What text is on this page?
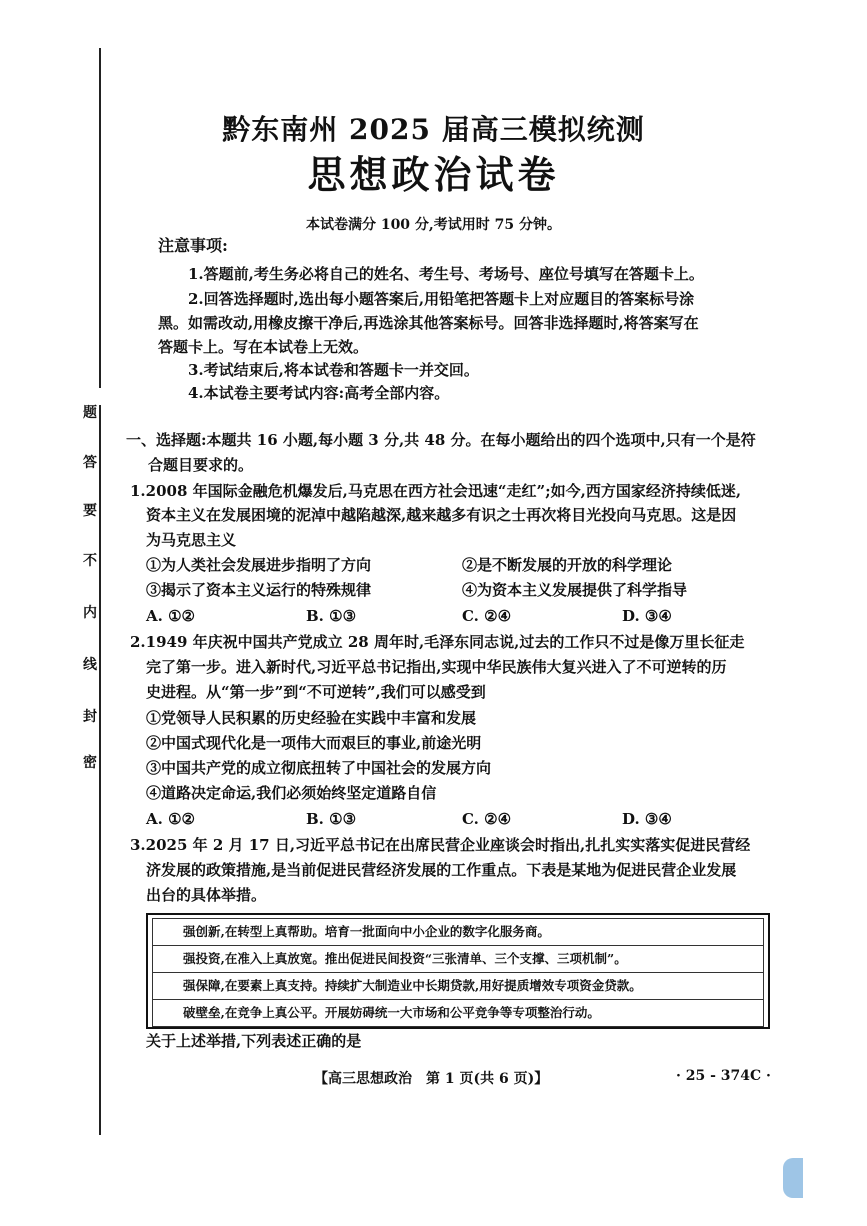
题
答
要
不
内
线
封
密
黔东南州 2025 届高三模拟统测
思想政治试卷
本试卷满分 100 分,考试用时 75 分钟。
注意事项:
1.答题前,考生务必将自己的姓名、考生号、考场号、座位号填写在答题卡上。
2.回答选择题时,选出每小题答案后,用铅笔把答题卡上对应题目的答案标号涂
黑。如需改动,用橡皮擦干净后,再选涂其他答案标号。回答非选择题时,将答案写在
答题卡上。写在本试卷上无效。
3.考试结束后,将本试卷和答题卡一并交回。
4.本试卷主要考试内容:高考全部内容。
一、选择题:本题共 16 小题,每小题 3 分,共 48 分。在每小题给出的四个选项中,只有一个是符
合题目要求的。
1.2008 年国际金融危机爆发后,马克思在西方社会迅速“走红”;如今,西方国家经济持续低迷,
资本主义在发展困境的泥淖中越陷越深,越来越多有识之士再次将目光投向马克思。这是因
为马克思主义
①为人类社会发展进步指明了方向	②是不断发展的开放的科学理论
③揭示了资本主义运行的特殊规律	④为资本主义发展提供了科学指导
A. ①②	B. ①③	C. ②④	D. ③④
2.1949 年庆祝中国共产党成立 28 周年时,毛泽东同志说,过去的工作只不过是像万里长征走
完了第一步。进入新时代,习近平总书记指出,实现中华民族伟大复兴进入了不可逆转的历
史进程。从“第一步”到“不可逆转”,我们可以感受到
①党领导人民积累的历史经验在实践中丰富和发展
②中国式现代化是一项伟大而艰巨的事业,前途光明
③中国共产党的成立彻底扭转了中国社会的发展方向
④道路决定命运,我们必须始终坚定道路自信
A. ①②	B. ①③	C. ②④	D. ③④
3.2025 年 2 月 17 日,习近平总书记在出席民营企业座谈会时指出,扎扎实实落实促进民营经
济发展的政策措施,是当前促进民营经济发展的工作重点。下表是某地为促进民营企业发展
出台的具体举措。
强创新,在转型上真帮助。培育一批面向中小企业的数字化服务商。
强投资,在准入上真放宽。推出促进民间投资“三张清单、三个支撑、三项机制”。
强保障,在要素上真支持。持续扩大制造业中长期贷款,用好提质增效专项资金贷款。
破壁垒,在竞争上真公平。开展妨碍统一大市场和公平竞争等专项整治行动。
关于上述举措,下列表述正确的是
【高三思想政治　第 1 页(共 6 页)】	· 25 - 374C ·
